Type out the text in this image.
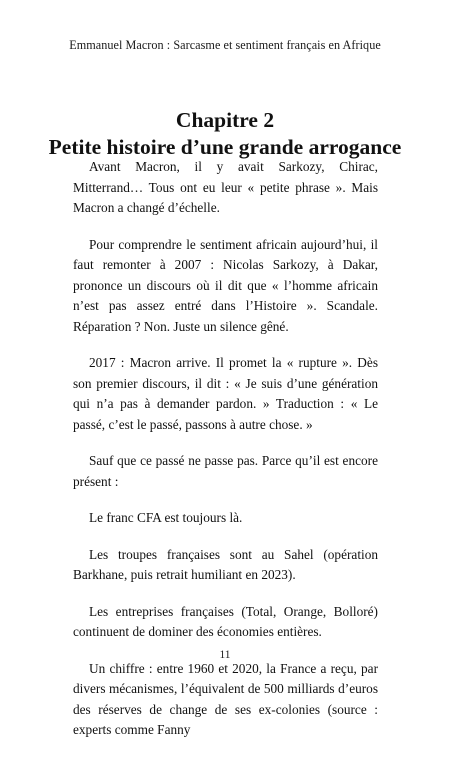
Emmanuel Macron : Sarcasme et sentiment français en Afrique
Chapitre 2
Petite histoire d’une grande arrogance

Avant Macron, il y avait Sarkozy, Chirac, Mitterrand… Tous ont eu leur « petite phrase ». Mais Macron a changé d’échelle.

Pour comprendre le sentiment africain aujourd’hui, il faut remonter à 2007 : Nicolas Sarkozy, à Dakar, prononce un discours où il dit que « l’homme africain n’est pas assez entré dans l’Histoire ». Scandale. Réparation ? Non. Juste un silence gêné.

2017 : Macron arrive. Il promet la « rupture ». Dès son premier discours, il dit : « Je suis d’une génération qui n’a pas à demander pardon. » Traduction : « Le passé, c’est le passé, passons à autre chose. »

Sauf que ce passé ne passe pas. Parce qu’il est encore présent :

Le franc CFA est toujours là.

Les troupes françaises sont au Sahel (opération Barkhane, puis retrait humiliant en 2023).

Les entreprises françaises (Total, Orange, Bolloré) continuent de dominer des économies entières.

Un chiffre : entre 1960 et 2020, la France a reçu, par divers mécanismes, l’équivalent de 500 milliards d’euros des réserves de change de ses ex-colonies (source : experts comme Fanny

11
